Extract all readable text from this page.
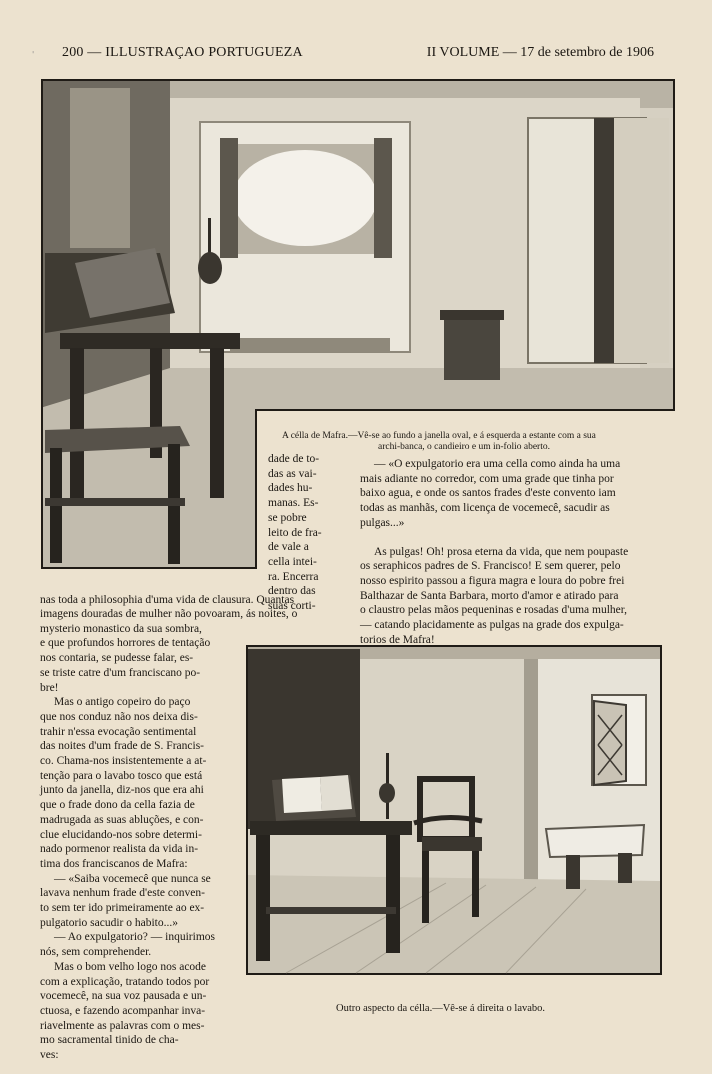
' 200 — ILLUSTRAÇAO PORTUGUEZA	II VOLUME — 17 de setembro de 1906
A célla de Mafra.—Vê-se ao fundo a janella oval, e á esquerda a estante com a sua
archi-banca, o candieiro e um in-folio aberto.

dade de to-

das as vai-

dades hu-

manas. Es-

se pobre

leito de fra-

de vale a

cella intei-

ra. Encerra

dentro das

suas corti-

nas toda a philosophia d'uma vida de clausura. Quantas

imagens douradas de mulher não povoaram, ás noites, o

mysterio monastico da sua sombra,

e que profundos horrores de tentação

nos contaria, se pudesse falar, es-

se triste catre d'um franciscano po-

bre!

Mas o antigo copeiro do paço

que nos conduz não nos deixa dis-

trahir n'essa evocação sentimental

das noites d'um frade de S. Francis-

co. Chama-nos insistentemente a at-

tenção para o lavabo tosco que está

junto da janella, diz-nos que era ahi

que o frade dono da cella fazia de

madrugada as suas abluções, e con-

clue elucidando-nos sobre determi-

nado pormenor realista da vida in-

tima dos franciscanos de Mafra:

— «Saiba vocemecê que nunca se

lavava nenhum frade d'este conven-

to sem ter ido primeiramente ao ex-

pulgatorio sacudir o habito...»

— Ao expulgatorio? — inquirimos

nós, sem comprehender.

Mas o bom velho logo nos acode

com a explicação, tratando todos por

vocemecê, na sua voz pausada e un-

ctuosa, e fazendo acompanhar inva-

riavelmente as palavras com o mes-

mo sacramental tinido de cha-

ves:

— «O expulgatorio era uma cella como ainda ha uma

mais adiante no corredor, com uma grade que tinha por

baixo agua, e onde os santos frades d'este convento iam

todas as manhãs, com licença de vocemecê, sacudir as

pulgas...»

As pulgas! Oh! prosa eterna da vida, que nem poupaste

os seraphicos padres de S. Francisco! E sem querer, pelo

nosso espirito passou a figura magra e loura do pobre frei

Balthazar de Santa Barbara, morto d'amor e atirado para

o claustro pelas mãos pequeninas e rosadas d'uma mulher,

— catando placidamente as pulgas na grade dos expulga-

torios de Mafra!

Outro aspecto da célla.—Vê-se á direita o lavabo.
